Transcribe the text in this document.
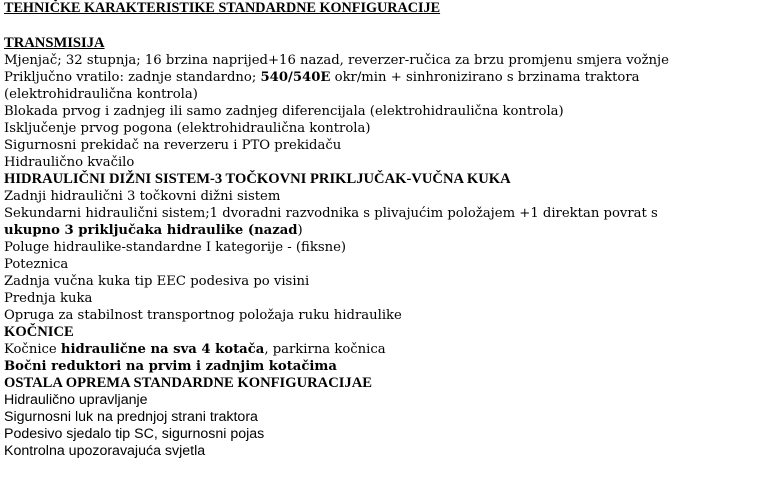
TEHNIČKE KARAKTERISTIKE STANDARDNE KONFIGURACIJE
TRANSMISIJA
Mjenjač; 32 stupnja; 16 brzina naprijed+16 nazad, reverzer-ručica za brzu promjenu smjera vožnje
Priključno vratilo: zadnje standardno; 540/540E okr/min + sinhronizirano s brzinama traktora
(elektrohidraulična kontrola)
Blokada prvog i zadnjeg ili samo zadnjeg diferencijala (elektrohidraulična kontrola)
Isključenje prvog pogona (elektrohidraulična kontrola)
Sigurnosni prekidač na reverzeru i PTO prekidaču
Hidraulično kvačilo
HIDRAULIČNI DIŽNI SISTEM-3 TOČKOVNI PRIKLJUČAK-VUČNA KUKA
Zadnji hidraulični 3 točkovni dižni sistem
Sekundarni hidraulični sistem;1 dvoradni razvodnika s plivajućim položajem +1 direktan povrat s
ukupno 3 priključaka hidraulike (nazad)
Poluge hidraulike-standardne I kategorije - (fiksne)
Poteznica
Zadnja vučna kuka tip EEC podesiva po visini
Prednja kuka
Opruga za stabilnost transportnog položaja ruku hidraulike
KOČNICE
Kočnice hidraulične na sva 4 kotača, parkirna kočnica
Bočni reduktori na prvim i zadnjim kotačima
OSTALA OPREMA STANDARDNE KONFIGURACIJAE
Hidraulično upravljanje
Sigurnosni luk na prednjoj strani traktora
Podesivo sjedalo tip SC, sigurnosni pojas
Kontrolna upozoravajuća svjetla
